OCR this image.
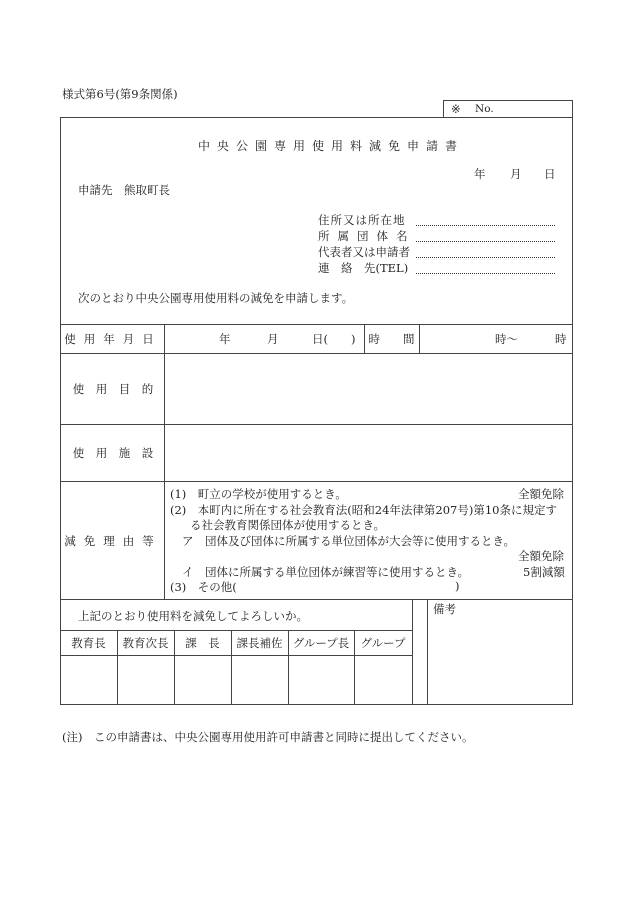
様式第6号(第9条関係)
※ No.
中央公園専用使用料減免申請書
年 月 日
申請先　熊取町長
住所又は所在地
所属団体名
代表者又は申請者
連　絡　先(TEL)
次のとおり中央公園専用使用料の減免を申請します。
使用年月日	年	月	日(　　)	時　　間	時～	時
使　用　目　的
使　用　施　設
減免理由等
(1)　町立の学校が使用するとき。	全額免除
(2)　本町内に所在する社会教育法(昭和24年法律第207号)第10条に規定す
る社会教育関係団体が使用するとき。
ア　団体及び団体に所属する単位団体が大会等に使用するとき。
全額免除
イ　団体に所属する単位団体が練習等に使用するとき。	5割減額
(3)　その他(	)
上記のとおり使用料を減免してよろしいか。	備考
教育長	教育次長	課　長	課長補佐 グループ長 グループ
(注)　この申請書は、中央公園専用使用許可申請書と同時に提出してください。
